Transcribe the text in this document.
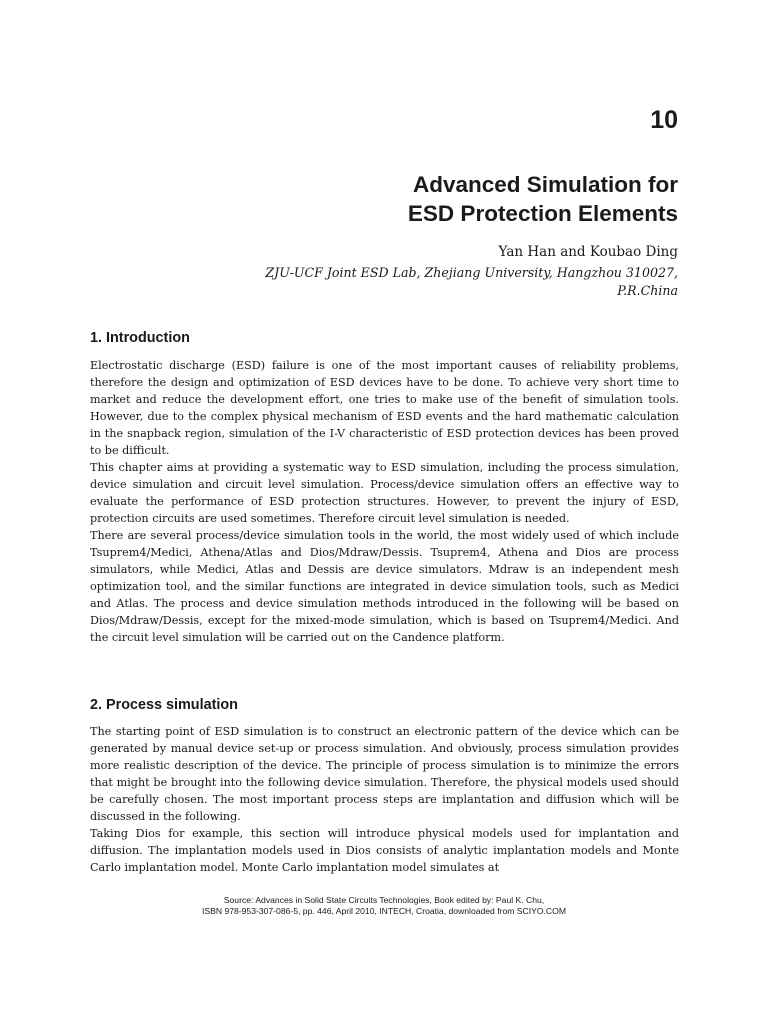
10
Advanced Simulation for
ESD Protection Elements
Yan Han and Koubao Ding
ZJU-UCF Joint ESD Lab, Zhejiang University, Hangzhou 310027,
P.R.China
1. Introduction

Electrostatic discharge (ESD) failure is one of the most important causes of reliability problems, therefore the design and optimization of ESD devices have to be done. To achieve very short time to market and reduce the development effort, one tries to make use of the benefit of simulation tools. However, due to the complex physical mechanism of ESD events and the hard mathematic calculation in the snapback region, simulation of the I-V characteristic of ESD protection devices has been proved to be difficult.

This chapter aims at providing a systematic way to ESD simulation, including the process simulation, device simulation and circuit level simulation. Process/device simulation offers an effective way to evaluate the performance of ESD protection structures. However, to prevent the injury of ESD, protection circuits are used sometimes. Therefore circuit level simulation is needed.

There are several process/device simulation tools in the world, the most widely used of which include Tsuprem4/Medici, Athena/Atlas and Dios/Mdraw/Dessis. Tsuprem4, Athena and Dios are process simulators, while Medici, Atlas and Dessis are device simulators. Mdraw is an independent mesh optimization tool, and the similar functions are integrated in device simulation tools, such as Medici and Atlas. The process and device simulation methods introduced in the following will be based on Dios/Mdraw/Dessis, except for the mixed-mode simulation, which is based on Tsuprem4/Medici. And the circuit level simulation will be carried out on the Candence platform.

2. Process simulation

The starting point of ESD simulation is to construct an electronic pattern of the device which can be generated by manual device set-up or process simulation. And obviously, process simulation provides more realistic description of the device. The principle of process simulation is to minimize the errors that might be brought into the following device simulation. Therefore, the physical models used should be carefully chosen. The most important process steps are implantation and diffusion which will be discussed in the following.

Taking Dios for example, this section will introduce physical models used for implantation and diffusion. The implantation models used in Dios consists of analytic implantation models and Monte Carlo implantation model. Monte Carlo implantation model simulates at

Source: Advances in Solid State Circuits Technologies, Book edited by: Paul K. Chu,
ISBN 978-953-307-086-5, pp. 446, April 2010, INTECH, Croatia, downloaded from SCIYO.COM
